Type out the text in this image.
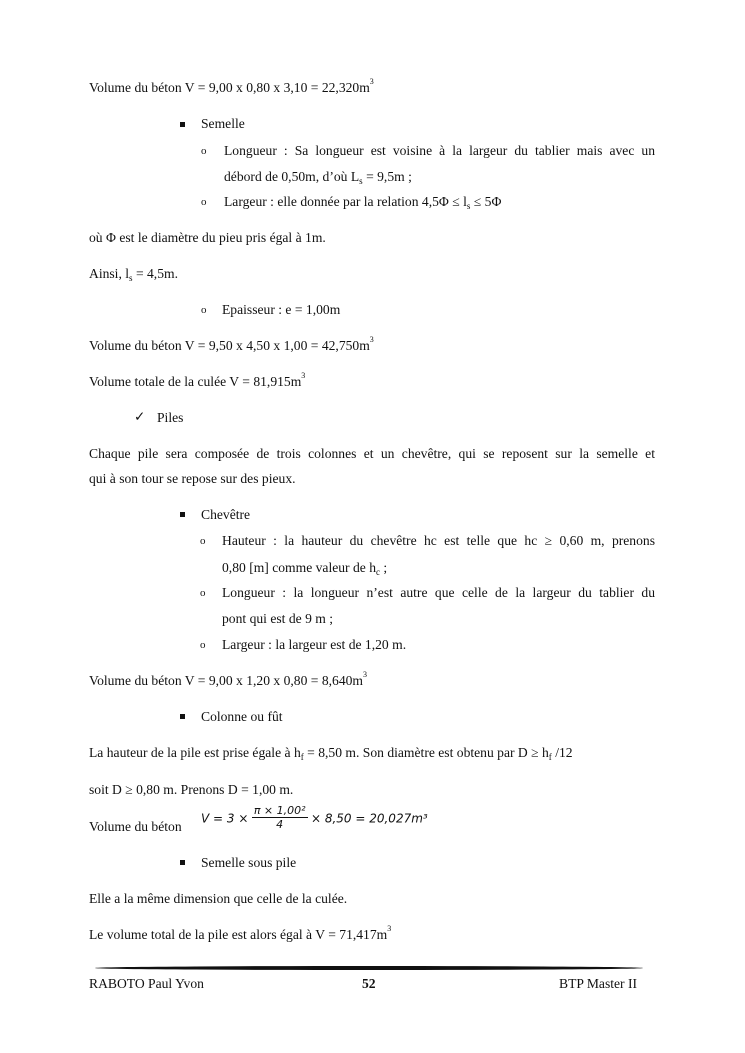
Volume du béton V = 9,00 x 0,80 x $3,10 = 22,320m^3$
Semelle
o Longueur : Sa longueur est voisine à la largeur du tablier mais avec un
débord de 0,50m, d’où $L_s = 9,5m$ ;
o Largeur : elle donnée par la relation $4,5\Phi \le l_s \le 5\Phi$
où Φ est le diamètre du pieu pris égal à 1m.
Ainsi, $l_s = 4,5m$.
o Epaisseur : e = 1,00m
Volume du béton V = 9,50 x 4,50 x $1,00 = 42,750m^3$
Volume totale de la culée $V = 81,915m^3$
✓ Piles
Chaque pile sera composée de trois colonnes et un chevêtre, qui se reposent sur la semelle et
qui à son tour se repose sur des pieux.
Chevêtre
o Hauteur : la hauteur du chevêtre hc est telle que hc ≥ 0,60 m, prenons
0,80 [m] comme valeur de $h_c$ ;
o Longueur : la longueur n’est autre que celle de la largeur du tablier du
pont qui est de 9 m ;
o Largeur : la largeur est de 1,20 m.
Volume du béton V = 9,00 x 1,20 x $0,80 = 8,640m^3$
Colonne ou fût
La hauteur de la pile est prise égale à $h_f = 8,50$ m. Son diamètre est obtenu par $D \ge h_f$ /12
soit D ≥ 0,80 m. Prenons D = 1,00 m.
Volume du béton
$V = 3 \times \frac{\text{π × 1,00²}}{4} \times 8,50 = 20,027m^3$
Semelle sous pile
Elle a la même dimension que celle de la culée.
Le volume total de la pile est alors égal à $V = 71,417m^3$
RABOTO Paul Yvon	52	BTP Master II
